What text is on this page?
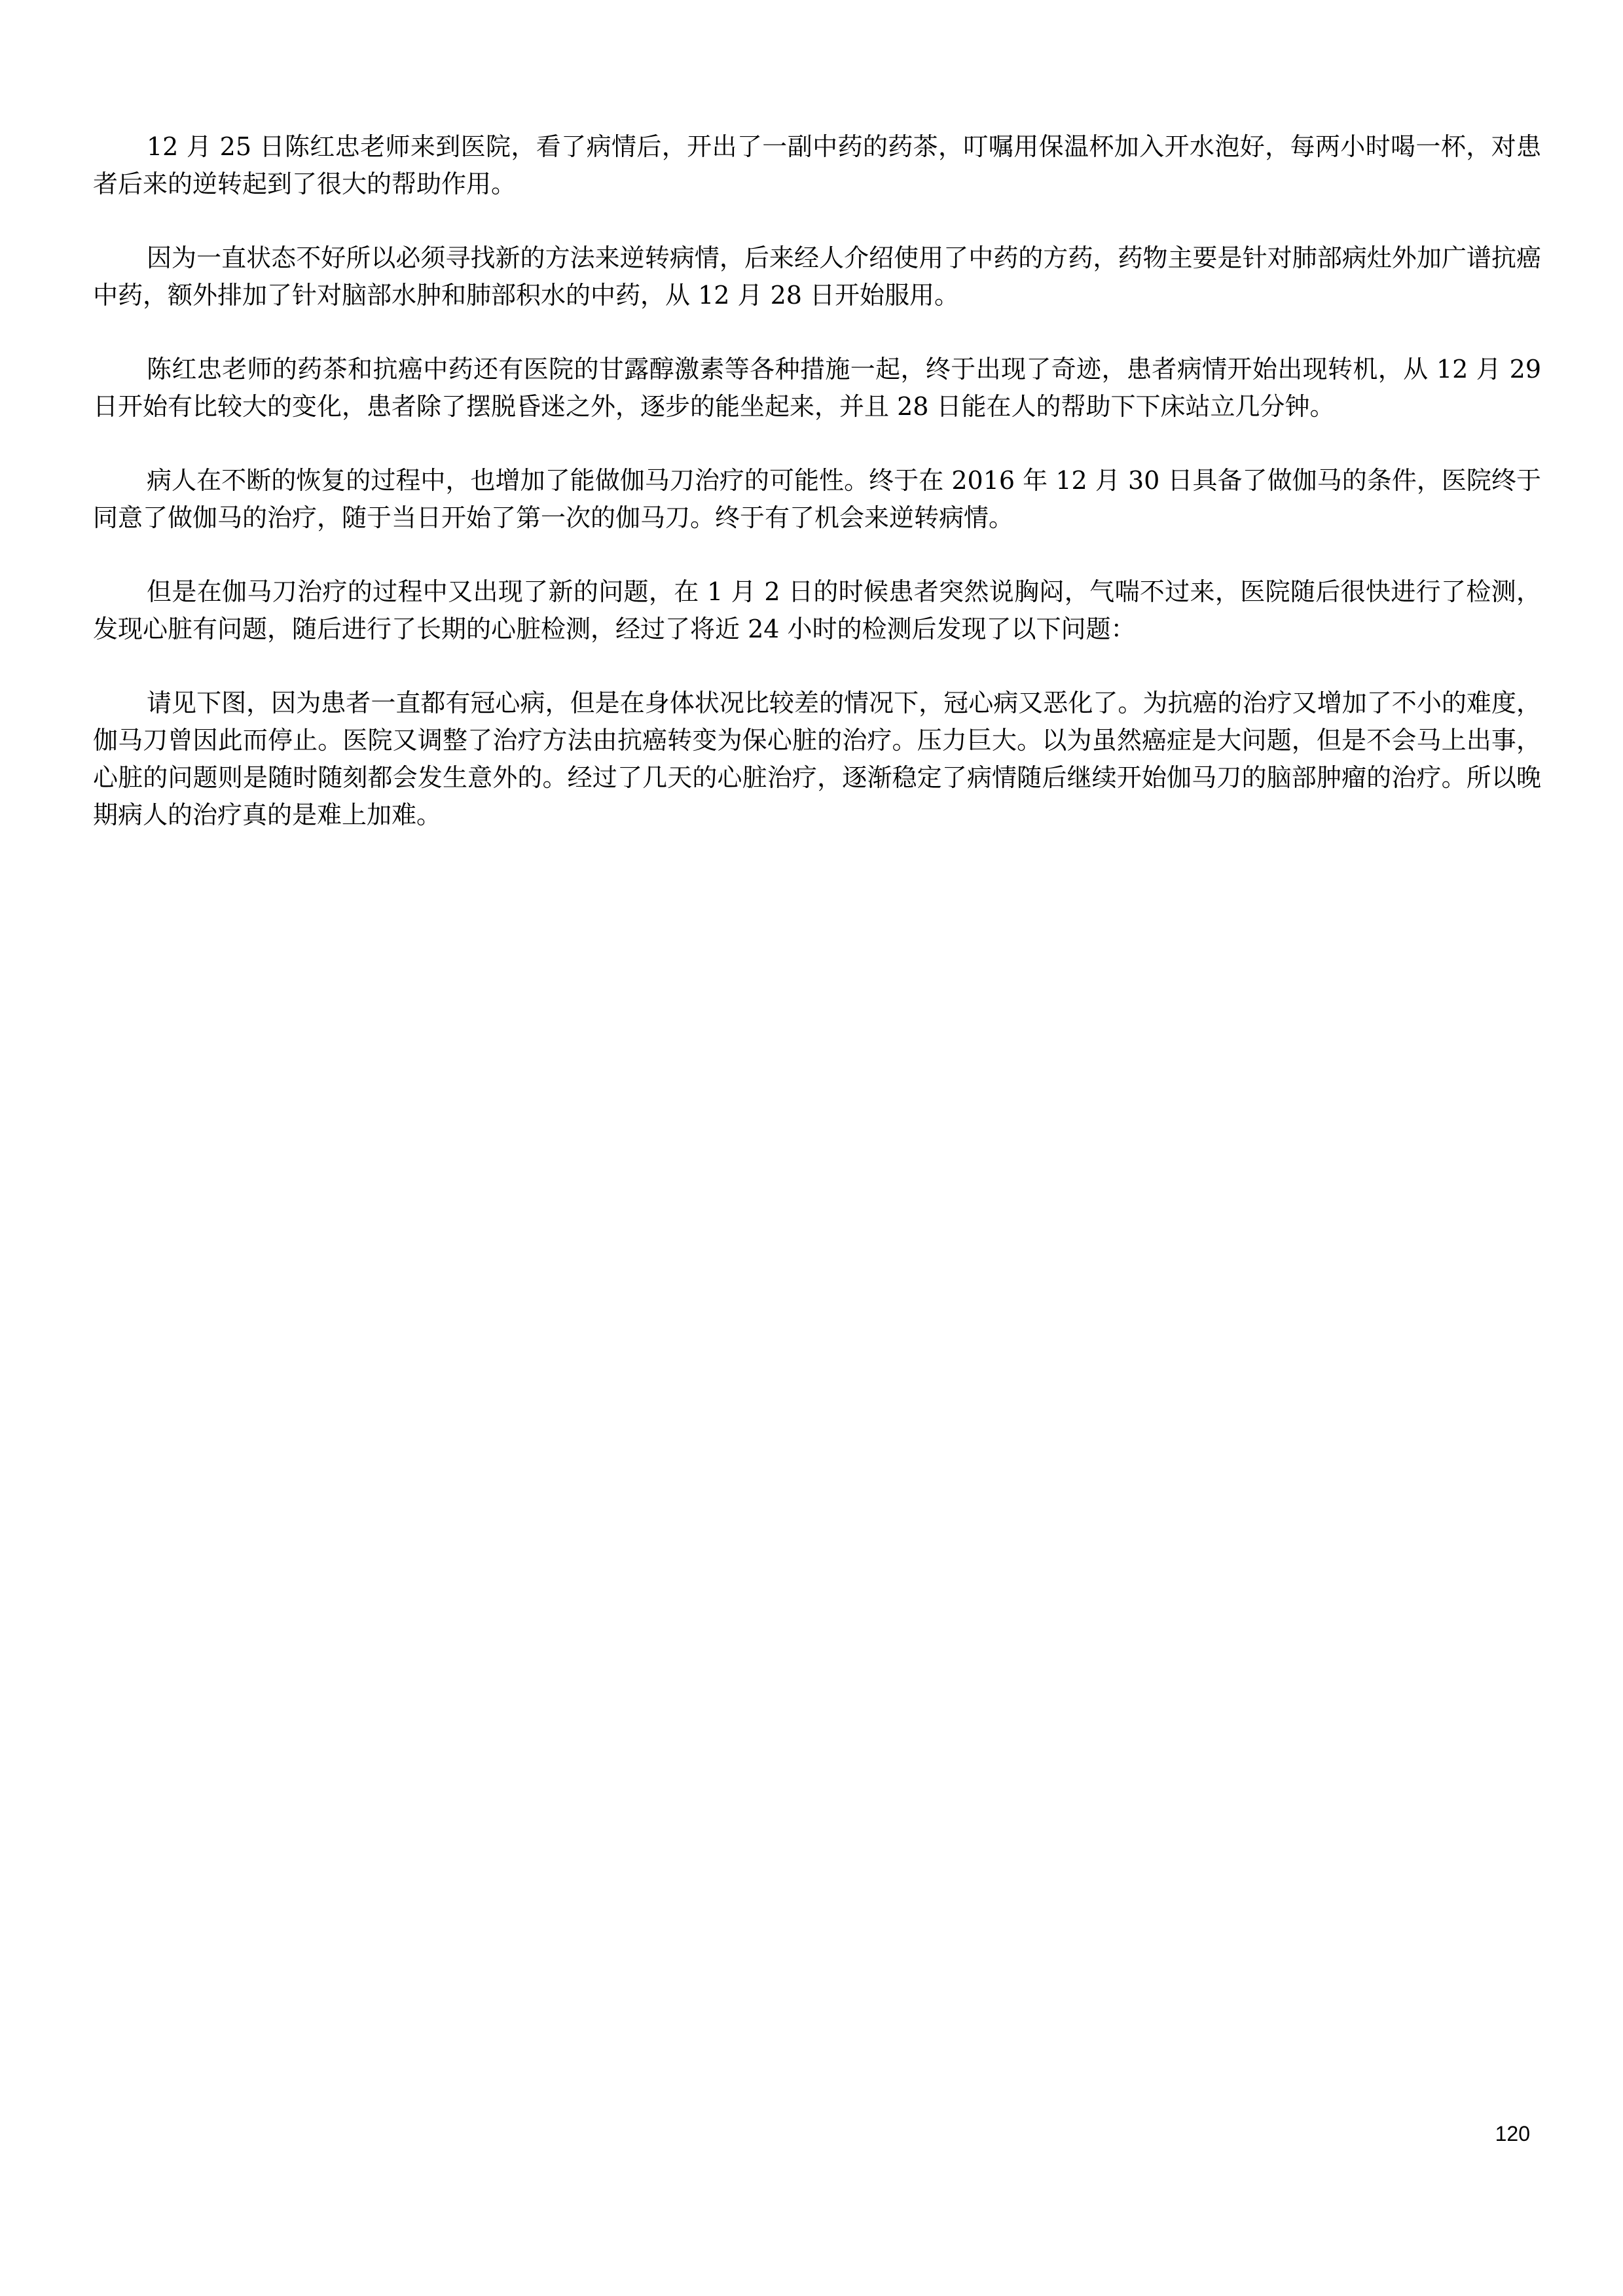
12 月 25 日陈红忠老师来到医院，看了病情后，开出了一副中药的药茶，叮嘱用保温杯加入开水泡好，每两小时喝一杯，对患者后来的逆转起到了很大的帮助作用。

因为一直状态不好所以必须寻找新的方法来逆转病情，后来经人介绍使用了中药的方药，药物主要是针对肺部病灶外加广谱抗癌中药，额外排加了针对脑部水肿和肺部积水的中药，从 12 月 28 日开始服用。

陈红忠老师的药茶和抗癌中药还有医院的甘露醇激素等各种措施一起，终于出现了奇迹，患者病情开始出现转机，从 12 月 29 日开始有比较大的变化，患者除了摆脱昏迷之外，逐步的能坐起来，并且 28 日能在人的帮助下下床站立几分钟。

病人在不断的恢复的过程中，也增加了能做伽马刀治疗的可能性。终于在 2016 年 12 月 30 日具备了做伽马的条件，医院终于同意了做伽马的治疗，随于当日开始了第一次的伽马刀。终于有了机会来逆转病情。

但是在伽马刀治疗的过程中又出现了新的问题，在 1 月 2 日的时候患者突然说胸闷，气喘不过来，医院随后很快进行了检测，发现心脏有问题，随后进行了长期的心脏检测，经过了将近 24 小时的检测后发现了以下问题：

请见下图，因为患者一直都有冠心病，但是在身体状况比较差的情况下，冠心病又恶化了。为抗癌的治疗又增加了不小的难度，伽马刀曾因此而停止。医院又调整了治疗方法由抗癌转变为保心脏的治疗。压力巨大。以为虽然癌症是大问题，但是不会马上出事，心脏的问题则是随时随刻都会发生意外的。经过了几天的心脏治疗，逐渐稳定了病情随后继续开始伽马刀的脑部肿瘤的治疗。所以晚期病人的治疗真的是难上加难。

120
